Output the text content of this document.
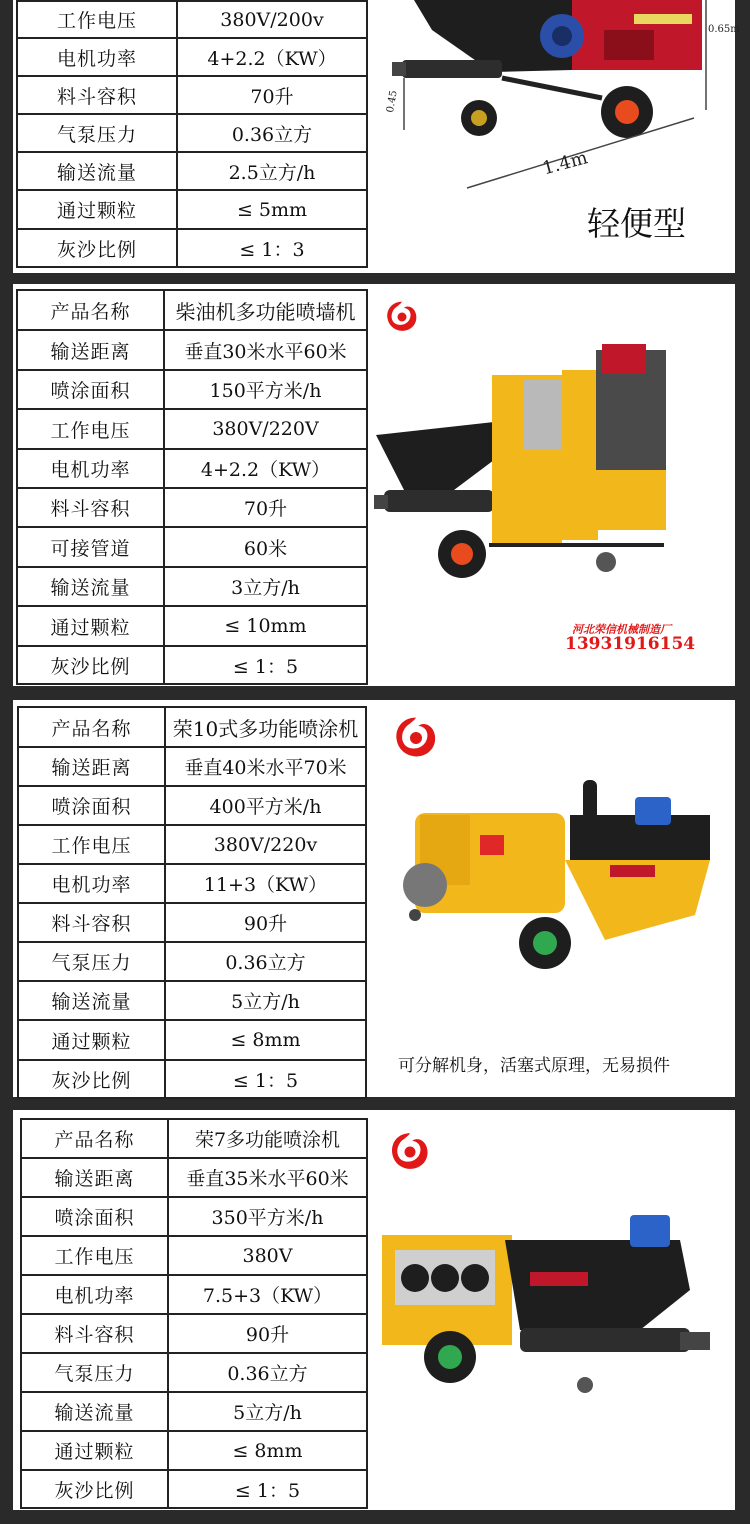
工作电压	380V/200v
电机功率	4+2.2（KW）
料斗容积	70升
气泵压力	0.36立方
输送流量	2.5立方/h
通过颗粒	≤ 5mm
灰沙比例	≤ 1：3
0.65m
0.45
1.4m
轻便型
产品名称	柴油机多功能喷墙机
输送距离	垂直30米水平60米
喷涂面积	150平方米/h
工作电压	380V/220V
电机功率	4+2.2（KW）
料斗容积	70升
可接管道	60米
输送流量	3立方/h
通过颗粒	≤ 10mm
灰沙比例	≤ 1：5
河北荣信机械制造厂
13931916154
产品名称	荣10式多功能喷涂机
输送距离	垂直40米水平70米
喷涂面积	400平方米/h
工作电压	380V/220v
电机功率	11+3（KW）
料斗容积	90升
气泵压力	0.36立方
输送流量	5立方/h
通过颗粒	≤ 8mm
灰沙比例	≤ 1：5
可分解机身，活塞式原理，无易损件
产品名称	荣7多功能喷涂机
输送距离	垂直35米水平60米
喷涂面积	350平方米/h
工作电压	380V
电机功率	7.5+3（KW）
料斗容积	90升
气泵压力	0.36立方
输送流量	5立方/h
通过颗粒	≤ 8mm
灰沙比例	≤ 1：5
